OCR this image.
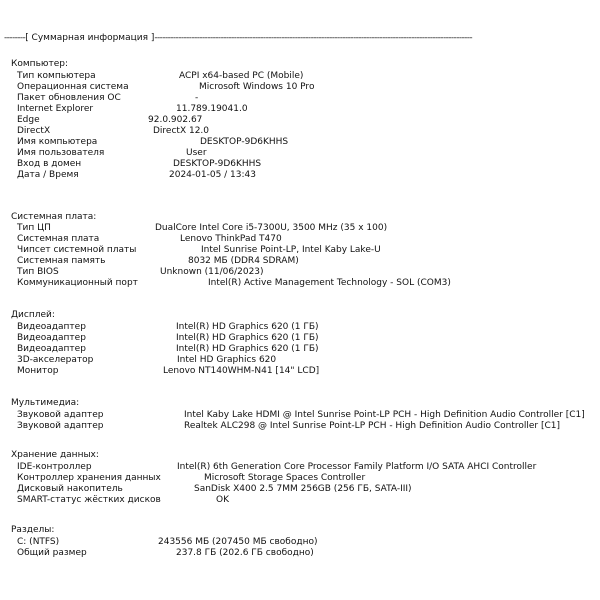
--------[ Суммарная информация ]------------------------------------------------------------------------------------------------------------------------
Компьютер:
Тип компьютера	ACPI x64-based PC (Mobile)
Операционная система	Microsoft Windows 10 Pro
Пакет обновления ОС	-
Internet Explorer	11.789.19041.0
Edge	92.0.902.67
DirectX	DirectX 12.0
Имя компьютера	DESKTOP-9D6KHHS
Имя пользователя	User
Вход в домен	DESKTOP-9D6KHHS
Дата / Время	2024-01-05 / 13:43
Системная плата:
Тип ЦП	DualCore Intel Core i5-7300U, 3500 MHz (35 x 100)
Системная плата	Lenovo ThinkPad T470
Чипсет системной платы	Intel Sunrise Point-LP, Intel Kaby Lake-U
Системная память	8032 МБ (DDR4 SDRAM)
Тип BIOS	Unknown (11/06/2023)
Коммуникационный порт	Intel(R) Active Management Technology - SOL (COM3)
Дисплей:
Видеоадаптер	Intel(R) HD Graphics 620 (1 ГБ)
Видеоадаптер	Intel(R) HD Graphics 620 (1 ГБ)
Видеоадаптер	Intel(R) HD Graphics 620 (1 ГБ)
3D-акселератор	Intel HD Graphics 620
Монитор	Lenovo NT140WHM-N41 [14" LCD]
Мультимедиа:
Звуковой адаптер	Intel Kaby Lake HDMI @ Intel Sunrise Point-LP PCH - High Definition Audio Controller [C1]
Звуковой адаптер	Realtek ALC298 @ Intel Sunrise Point-LP PCH - High Definition Audio Controller [C1]
Хранение данных:
IDE-контроллер	Intel(R) 6th Generation Core Processor Family Platform I/O SATA AHCI Controller
Контроллер хранения данных	Microsoft Storage Spaces Controller
Дисковый накопитель	SanDisk X400 2.5 7MM 256GB (256 ГБ, SATA-III)
SMART-статус жёстких дисков	OK
Разделы:
C: (NTFS)	243556 МБ (207450 МБ свободно)
Общий размер	237.8 ГБ (202.6 ГБ свободно)
